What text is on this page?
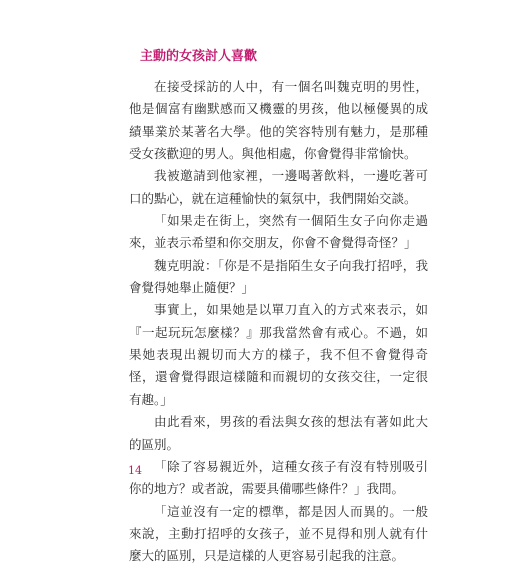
主動的女孩討人喜歡

在接受採訪的人中，有一個名叫魏克明的男性，他是個富有幽默感而又機靈的男孩，他以極優異的成績畢業於某著名大學。他的笑容特別有魅力，是那種受女孩歡迎的男人。與他相處，你會覺得非常愉快。

我被邀請到他家裡，一邊喝著飲料，一邊吃著可口的點心，就在這種愉快的氣氛中，我們開始交談。

「如果走在街上，突然有一個陌生女子向你走過來，並表示希望和你交朋友，你會不會覺得奇怪？」

魏克明說：「你是不是指陌生女子向我打招呼，我會覺得她舉止隨便？」

事實上，如果她是以單刀直入的方式來表示，如『一起玩玩怎麼樣？』那我當然會有戒心。不過，如果她表現出親切而大方的樣子，我不但不會覺得奇怪，還會覺得跟這樣隨和而親切的女孩交往，一定很有趣。」

由此看來，男孩的看法與女孩的想法有著如此大的區別。

「除了容易親近外，這種女孩子有沒有特別吸引你的地方？或者說，需要具備哪些條件？」我問。

「這並沒有一定的標準，都是因人而異的。一般來說，主動打招呼的女孩子，並不見得和別人就有什麼大的區別，只是這樣的人更容易引起我的注意。

14
